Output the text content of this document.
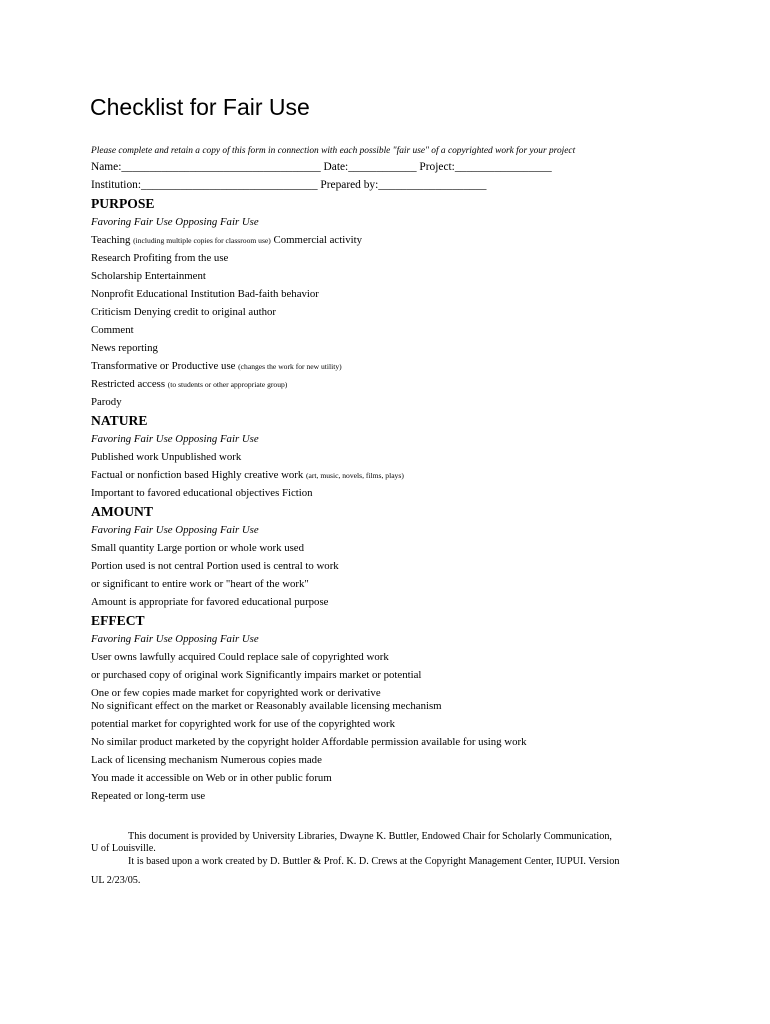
Checklist for Fair Use
Please complete and retain a copy of this form in connection with each possible "fair use" of a copyrighted work for your project
Name:___________________________________ Date:____________ Project:_________________
Institution:_______________________________ Prepared by:___________________
PURPOSE
Favoring Fair Use Opposing Fair Use
Teaching (including multiple copies for classroom use) Commercial activity
Research Profiting from the use
Scholarship Entertainment
Nonprofit Educational Institution Bad-faith behavior
Criticism Denying credit to original author
Comment
News reporting
Transformative or Productive use (changes the work for new utility)
Restricted access (to students or other appropriate group)
Parody
NATURE
Favoring Fair Use Opposing Fair Use
Published work Unpublished work
Factual or nonfiction based Highly creative work (art, music, novels, films, plays)
Important to favored educational objectives Fiction
AMOUNT
Favoring Fair Use Opposing Fair Use
Small quantity Large portion or whole work used
Portion used is not central Portion used is central to work
or significant to entire work or "heart of the work"
Amount is appropriate for favored educational purpose
EFFECT
Favoring Fair Use Opposing Fair Use
User owns lawfully acquired Could replace sale of copyrighted work
or purchased copy of original work Significantly impairs market or potential
One or few copies made market for copyrighted work or derivative
No significant effect on the market or Reasonably available licensing mechanism
potential market for copyrighted work for use of the copyrighted work
No similar product marketed by the copyright holder Affordable permission available for using work
Lack of licensing mechanism Numerous copies made
You made it accessible on Web or in other public forum
Repeated or long-term use
This document is provided by University Libraries, Dwayne K. Buttler, Endowed Chair for Scholarly Communication,
U of Louisville.
It is based upon a work created by D. Buttler & Prof. K. D. Crews at the Copyright Management Center, IUPUI. Version
UL 2/23/05.
